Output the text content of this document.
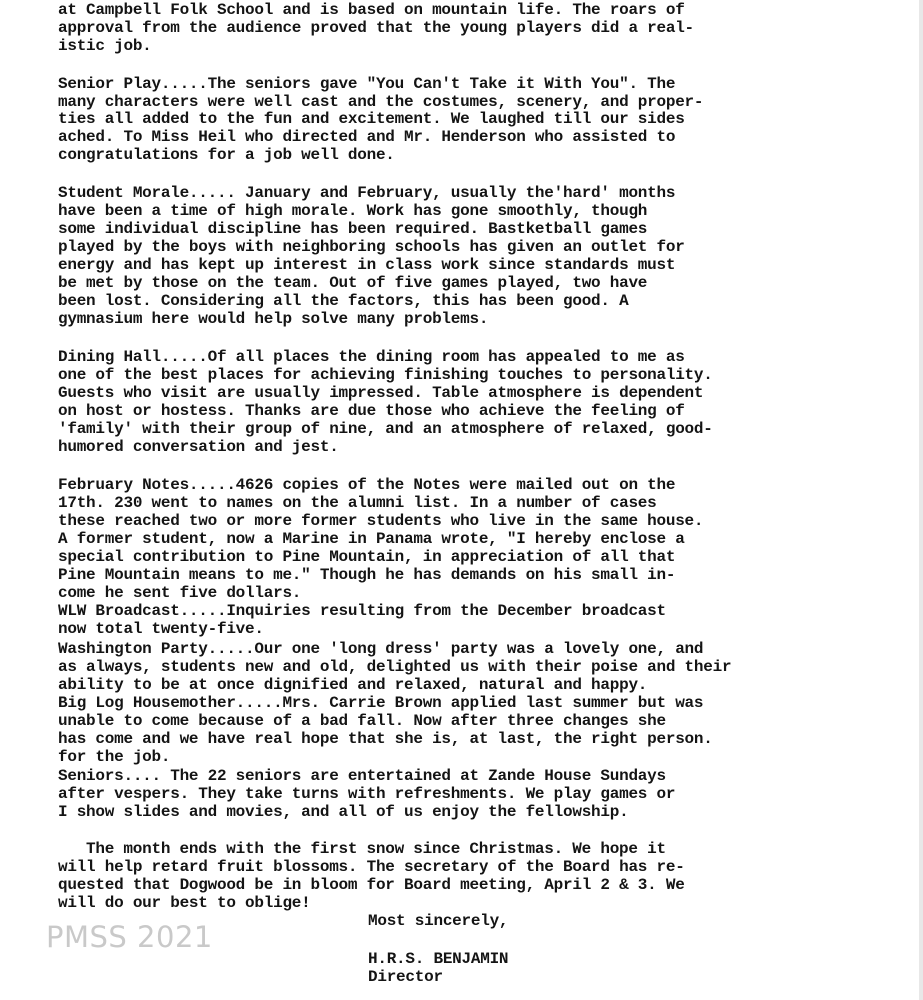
at Campbell Folk School and is based on mountain life. The roars of

approval from the audience proved that the young players did a real-

istic job.

Senior Play.....The seniors gave "You Can't Take it With You". The

many characters were well cast and the costumes, scenery, and proper-

ties all added to the fun and excitement. We laughed till our sides

ached. To Miss Heil who directed and Mr. Henderson who assisted to

congratulations for a job well done.

Student Morale..... January and February, usually the'hard' months

have been a time of high morale. Work has gone smoothly, though

some individual discipline has been required. Bastketball games

played by the boys with neighboring schools has given an outlet for

energy and has kept up interest in class work since standards must

be met by those on the team. Out of five games played, two have

been lost. Considering all the factors, this has been good. A

gymnasium here would help solve many problems.

Dining Hall.....Of all places the dining room has appealed to me as

one of the best places for achieving finishing touches to personality.

Guests who visit are usually impressed. Table atmosphere is dependent

on host or hostess. Thanks are due those who achieve the feeling of

'family' with their group of nine, and an atmosphere of relaxed, good-

humored conversation and jest.

February Notes.....4626 copies of the Notes were mailed out on the

17th. 230 went to names on the alumni list. In a number of cases

these reached two or more former students who live in the same house.

A former student, now a Marine in Panama wrote, "I hereby enclose a

special contribution to Pine Mountain, in appreciation of all that

Pine Mountain means to me." Though he has demands on his small in-

come he sent five dollars.

WLW Broadcast.....Inquiries resulting from the December broadcast

now total twenty-five.

Washington Party.....Our one 'long dress' party was a lovely one, and

as always, students new and old, delighted us with their poise and their

ability to be at once dignified and relaxed, natural and happy.

Big Log Housemother.....Mrs. Carrie Brown applied last summer but was

unable to come because of a bad fall. Now after three changes she

has come and we have real hope that she is, at last, the right person.

for the job.

Seniors.... The 22 seniors are entertained at Zande House Sundays

after vespers. They take turns with refreshments. We play games or

I show slides and movies, and all of us enjoy the fellowship.

The month ends with the first snow since Christmas. We hope it

will help retard fruit blossoms. The secretary of the Board has re-

quested that Dogwood be in bloom for Board meeting, April 2 & 3. We

will do our best to oblige!

Most sincerely,

H.R.S. BENJAMIN

Director

PMSS 2021
